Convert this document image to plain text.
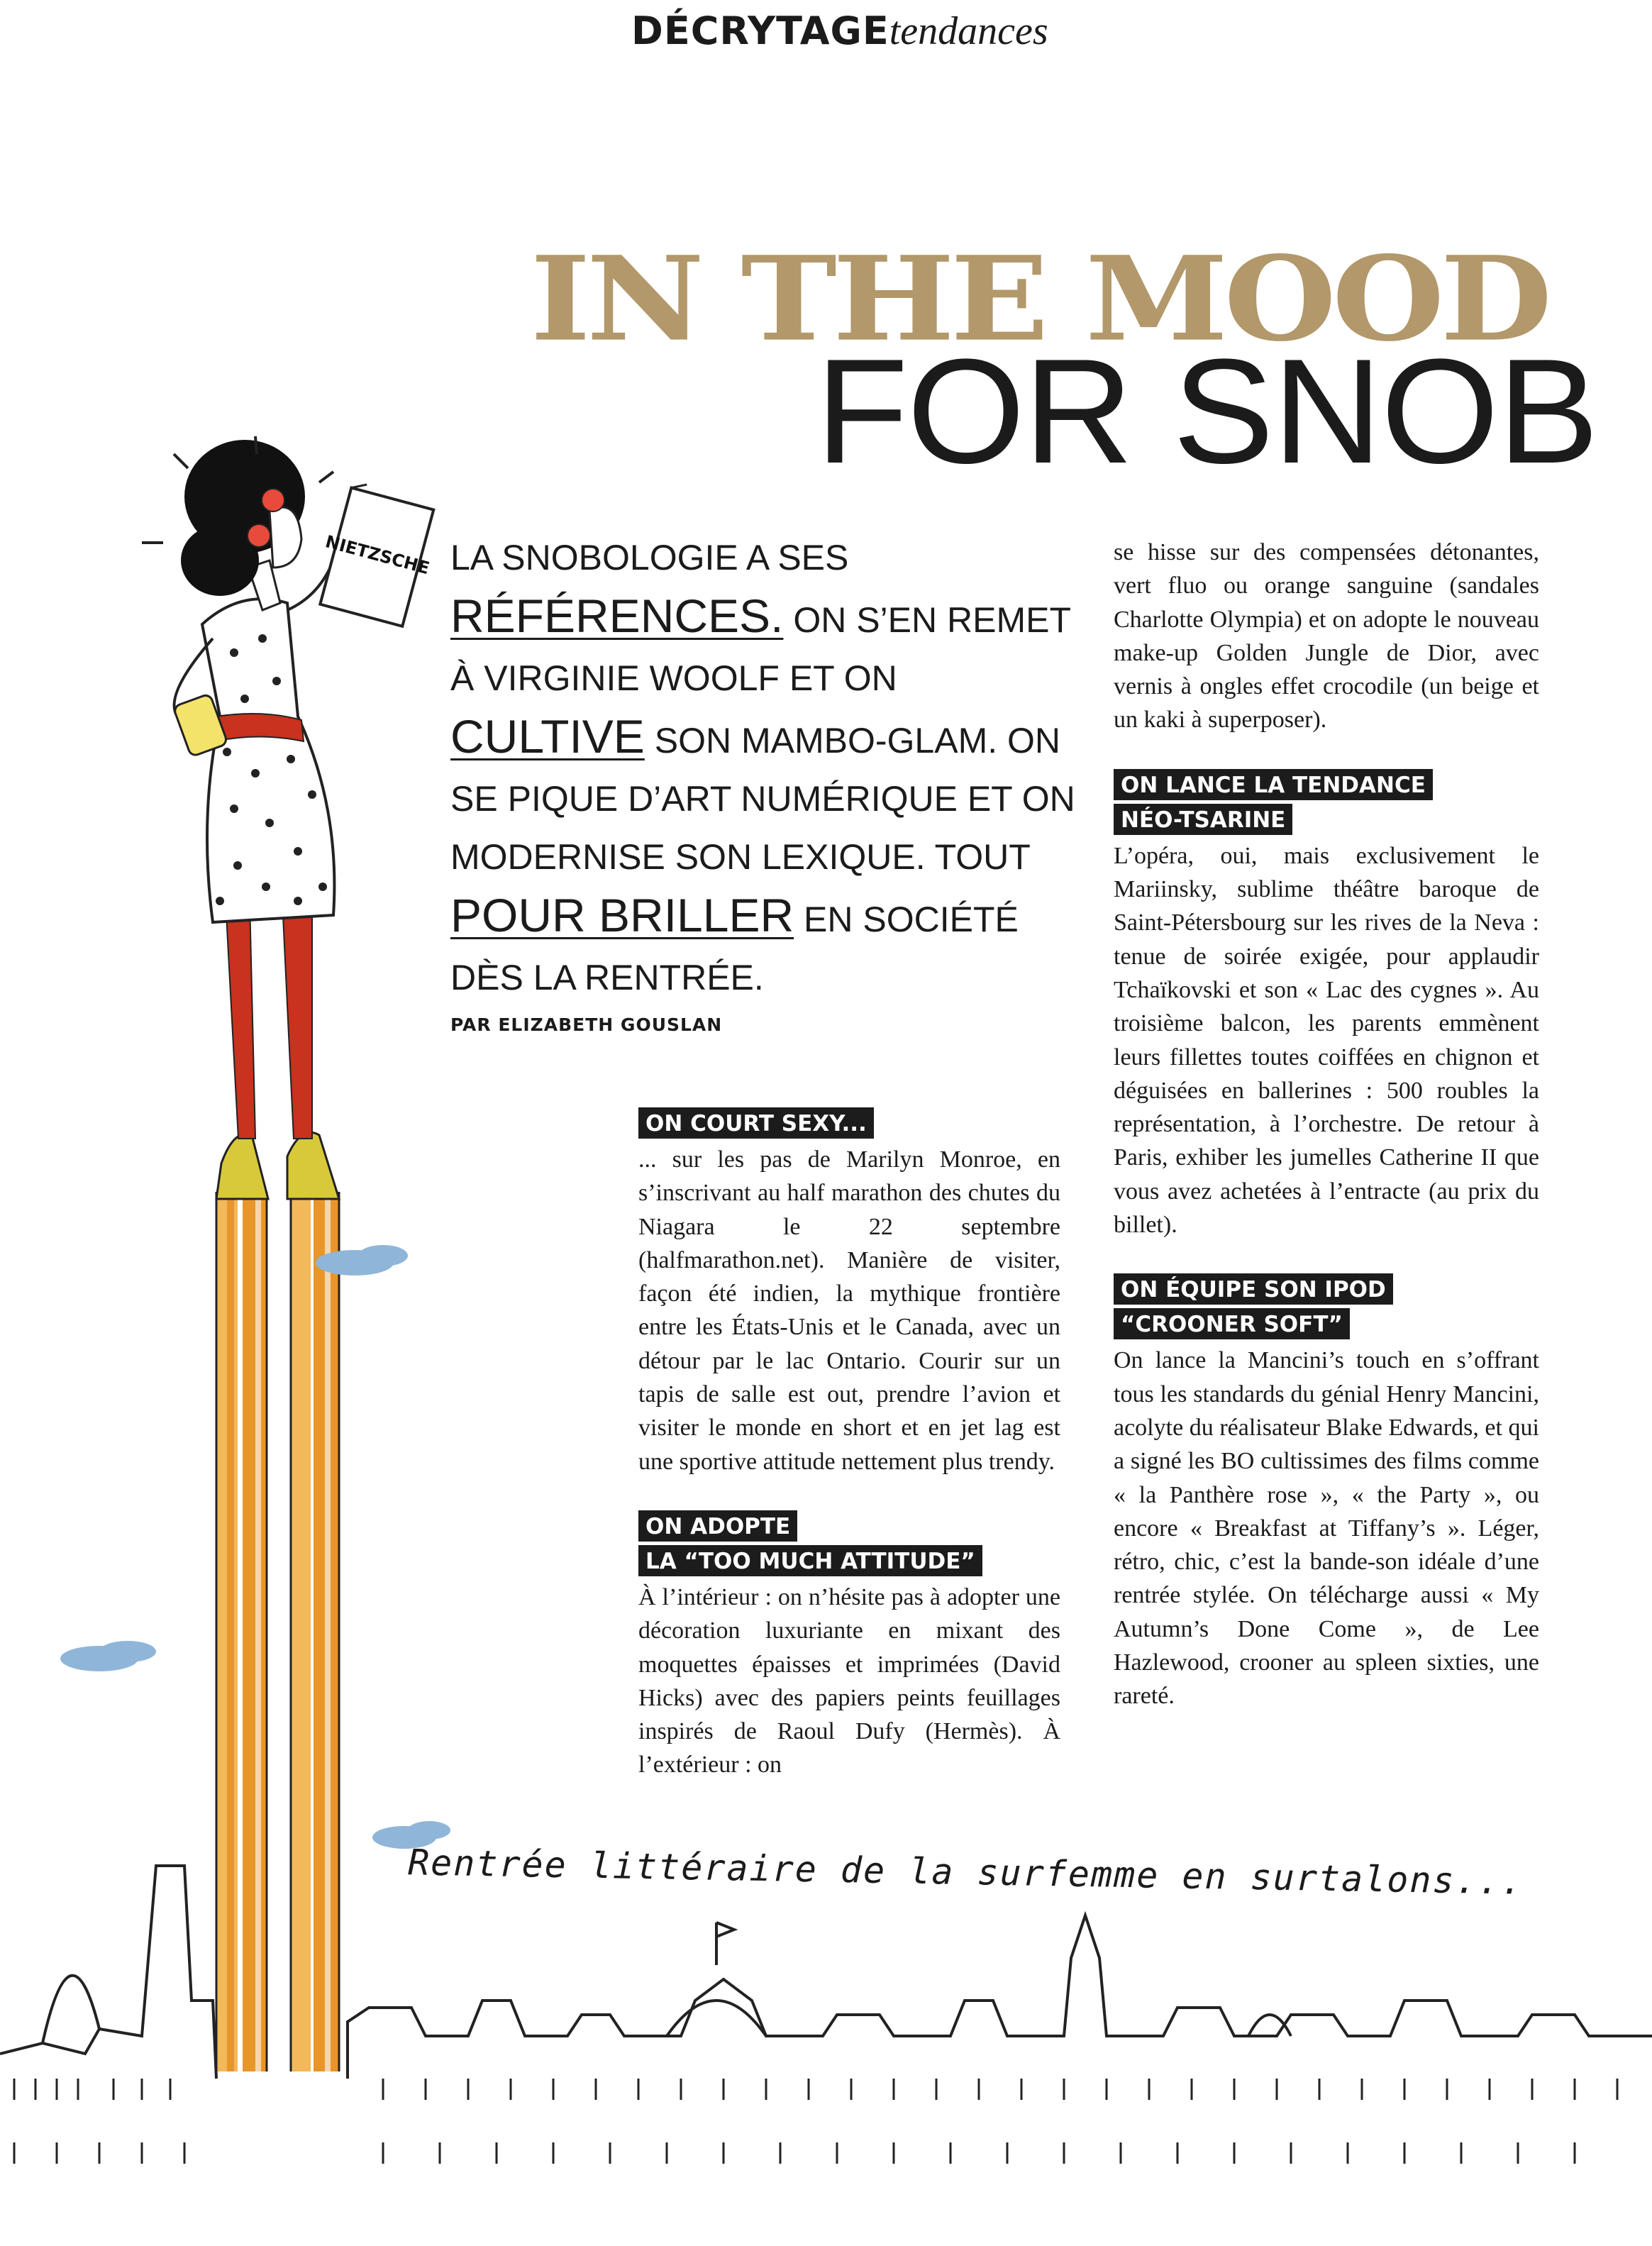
DÉCRYTAGEtendances
IN THE MOOD
FOR SNOB
NIETZSCHE LA SNOBOLOGIE A SES RÉFÉRENCES. ON S’EN REMET À VIRGINIE WOOLF ET ON CULTIVE SON MAMBO-GLAM. ON SE PIQUE D’ART NUMÉRIQUE ET ON MODERNISE SON LEXIQUE. TOUT POUR BRILLER EN SOCIÉTÉ DÈS LA RENTRÉE.
PAR ELIZABETH GOUSLAN
ON COURT SEXY...

... sur les pas de Marilyn Monroe, en s’inscrivant au half marathon des chutes du Niagara le 22 septembre (halfmarathon.net). Manière de visiter, façon été indien, la mythique frontière entre les États-Unis et le Canada, avec un détour par le lac Ontario. Courir sur un tapis de salle est out, prendre l’avion et visiter le monde en short et en jet lag est une sportive attitude nettement plus trendy.

ON ADOPTE
LA “TOO MUCH ATTITUDE”

À l’intérieur : on n’hésite pas à adopter une décoration luxuriante en mixant des moquettes épaisses et imprimées (David Hicks) avec des papiers peints feuillages inspirés de Raoul Dufy (Hermès). À l’extérieur : on

se hisse sur des compensées détonantes, vert fluo ou orange sanguine (sandales Charlotte Olympia) et on adopte le nouveau make-up Golden Jungle de Dior, avec vernis à ongles effet crocodile (un beige et un kaki à superposer).

ON LANCE LA TENDANCE
NÉO-TSARINE

L’opéra, oui, mais exclusivement le Mariinsky, sublime théâtre baroque de Saint-Pétersbourg sur les rives de la Neva : tenue de soirée exigée, pour applaudir Tchaïkovski et son « Lac des cygnes ». Au troisième balcon, les parents emmènent leurs fillettes toutes coiffées en chignon et déguisées en ballerines : 500 roubles la représentation, à l’orchestre. De retour à Paris, exhiber les jumelles Catherine II que vous avez achetées à l’entracte (au prix du billet).

ON ÉQUIPE SON IPOD
“CROONER SOFT”

On lance la Mancini’s touch en s’offrant tous les standards du génial Henry Mancini, acolyte du réalisateur Blake Edwards, et qui a signé les BO cultissimes des films comme « la Panthère rose », « the Party », ou encore « Breakfast at Tiffany’s ». Léger, rétro, chic, c’est la bande-son idéale d’une rentrée stylée. On télécharge aussi « My Autumn’s Done Come », de Lee Hazlewood, crooner au spleen sixties, une rareté.

Rentrée littéraire de la surfemme en surtalons...
